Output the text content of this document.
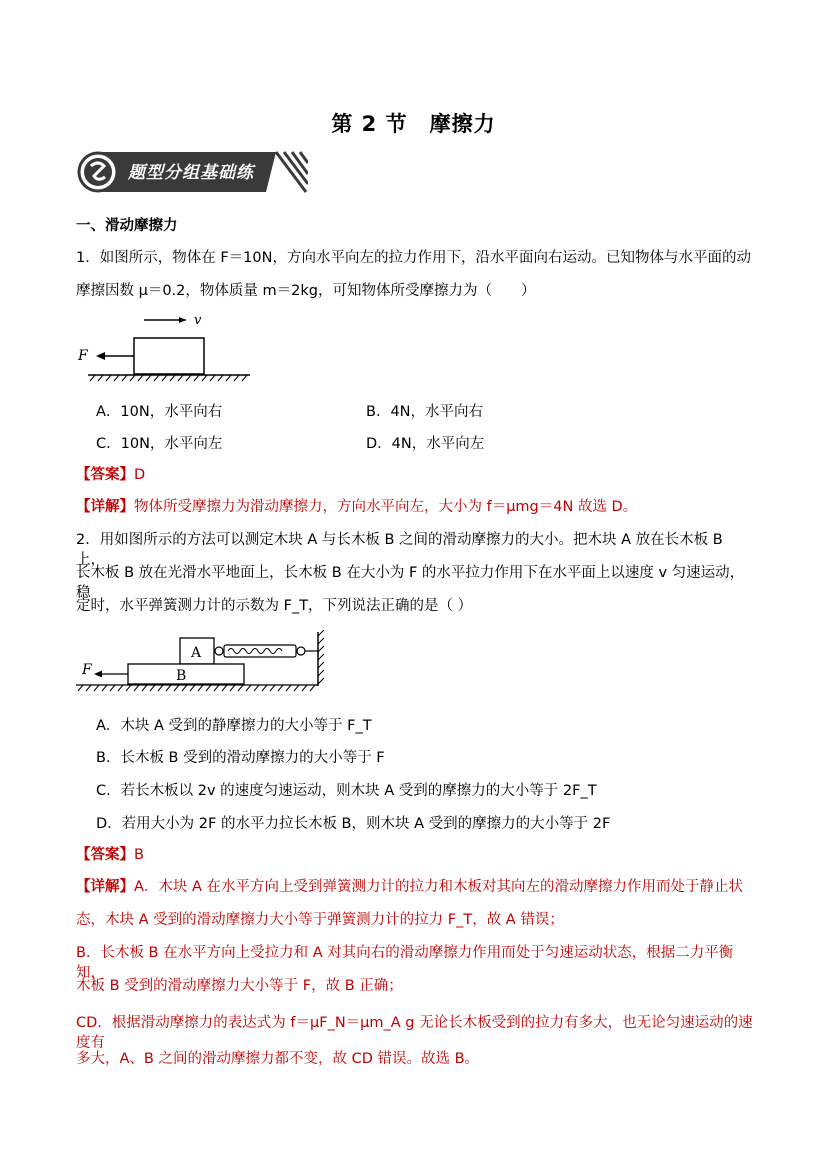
第 2 节　摩擦力
题型分组基础练
一、滑动摩擦力
1．如图所示，物体在 F＝10N，方向水平向左的拉力作用下，沿水平面向右运动。已知物体与水平面的动
摩擦因数 μ＝0.2，物体质量 m＝2kg，可知物体所受摩擦力为（　　）
v
F
A．10N，水平向右	B．4N，水平向右
C．10N，水平向左	D．4N，水平向左
【答案】D
【详解】物体所受摩擦力为滑动摩擦力，方向水平向左，大小为 f＝μmg＝4N 故选 D。
2．用如图所示的方法可以测定木块 A 与长木板 B 之间的滑动摩擦力的大小。把木块 A 放在长木板 B 上，
长木板 B 放在光滑水平地面上，长木板 B 在大小为 F 的水平拉力作用下在水平面上以速度 v 匀速运动，稳
定时，水平弹簧测力计的示数为 F_T，下列说法正确的是（ ）
A
B
F
A．木块 A 受到的静摩擦力的大小等于 F_T
B．长木板 B 受到的滑动摩擦力的大小等于 F
C．若长木板以 2v 的速度匀速运动，则木块 A 受到的摩擦力的大小等于 2F_T
D．若用大小为 2F 的水平力拉长木板 B，则木块 A 受到的摩擦力的大小等于 2F
【答案】B
【详解】A．木块 A 在水平方向上受到弹簧测力计的拉力和木板对其向左的滑动摩擦力作用而处于静止状
态，木块 A 受到的滑动摩擦力大小等于弹簧测力计的拉力 F_T，故 A 错误；
B．长木板 B 在水平方向上受拉力和 A 对其向右的滑动摩擦力作用而处于匀速运动状态，根据二力平衡知，
木板 B 受到的滑动摩擦力大小等于 F，故 B 正确；
CD．根据滑动摩擦力的表达式为 f＝μF_N＝μm_A g 无论长木板受到的拉力有多大，也无论匀速运动的速度有
多大，A、B 之间的滑动摩擦力都不变，故 CD 错误。故选 B。
